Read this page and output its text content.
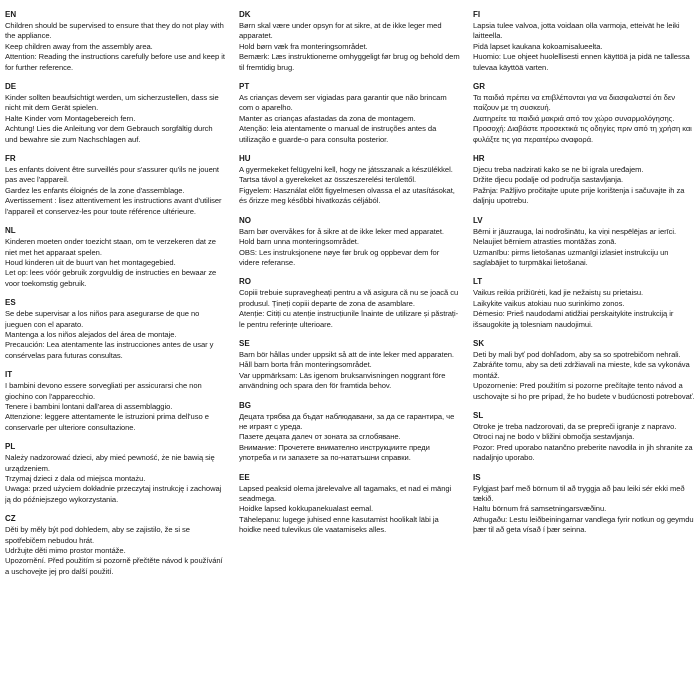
EN

Children should be supervised to ensure that they do not play with the appliance.

Keep children away from the assembly area.

Attention: Reading the instructions carefully before use and keep it for further reference.

DE

Kinder sollten beaufsichtigt werden, um sicherzustellen, dass sie nicht mit dem Gerät spielen.

Halte Kinder vom Montagebereich fern.

Achtung! Lies die Anleitung vor dem Gebrauch sorgfältig durch und bewahre sie zum Nachschlagen auf.

FR

Les enfants doivent être surveillés pour s'assurer qu'ils ne jouent pas avec l'appareil.

Gardez les enfants éloignés de la zone d'assemblage.

Avertissement : lisez attentivement les instructions avant d'utiliser l'appareil et conservez-les pour toute référence ultérieure.

NL

Kinderen moeten onder toezicht staan, om te verzekeren dat ze niet met het apparaat spelen.

Houd kinderen uit de buurt van het montagegebied.

Let op: lees vóór gebruik zorgvuldig de instructies en bewaar ze voor toekomstig gebruik.

ES

Se debe supervisar a los niños para asegurarse de que no jueguen con el aparato.

Mantenga a los niños alejados del área de montaje.

Precaución: Lea atentamente las instrucciones antes de usar y consérvelas para futuras consultas.

IT

I bambini devono essere sorvegliati per assicurarsi che non giochino con l'apparecchio.

Tenere i bambini lontani dall'area di assemblaggio.

Attenzione: leggere attentamente le istruzioni prima dell'uso e conservarle per ulteriore consultazione.

PL

Należy nadzorować dzieci, aby mieć pewność, że nie bawią się urządzeniem.

Trzymaj dzieci z dala od miejsca montażu.

Uwaga: przed użyciem dokładnie przeczytaj instrukcję i zachowaj ją do późniejszego wykorzystania.

CZ

Děti by měly být pod dohledem, aby se zajistilo, že si se spotřebičem nebudou hrát.

Udržujte děti mimo prostor montáže.

Upozornění. Před použitím si pozorně přečtěte návod k používání a uschovejte jej pro další použití.

DK

Børn skal være under opsyn for at sikre, at de ikke leger med apparatet.

Hold børn væk fra monteringsområdet.

Bemærk: Læs instruktionerne omhyggeligt før brug og behold dem til fremtidig brug.

PT

As crianças devem ser vigiadas para garantir que não brincam com o aparelho.

Manter as crianças afastadas da zona de montagem.

Atenção: leia atentamente o manual de instruções antes da utilização e guarde-o para consulta posterior.

HU

A gyermekeket felügyelni kell, hogy ne játsszanak a készülékkel.

Tartsa távol a gyerekeket az összeszerelési területtől.

Figyelem: Használat előtt figyelmesen olvassa el az utasításokat, és őrizze meg későbbi hivatkozás céljából.

NO

Barn bør overvåkes for å sikre at de ikke leker med apparatet.

Hold barn unna monteringsområdet.

OBS: Les instruksjonene nøye før bruk og oppbevar dem for videre referanse.

RO

Copiii trebuie supravegheați pentru a vă asigura că nu se joacă cu produsul. Țineți copiii departe de zona de asamblare.

Atenție: Citiți cu atenție instrucțiunile înainte de utilizare și păstrați-le pentru referințe ulterioare.

SE

Barn bör hållas under uppsikt så att de inte leker med apparaten.

Håll barn borta från monteringsområdet.

Var uppmärksam: Läs igenom bruksanvisningen noggrant före användning och spara den för framtida behov.

BG

Децата трябва да бъдат наблюдавани, за да се гарантира, че не играят с уреда.

Пазете децата далеч от зоната за сглобяване.

Внимание: Прочетете внимателно инструкциите преди употреба и ги запазете за по-нататъшни справки.

EE

Lapsed peaksid olema järelevalve all tagamaks, et nad ei mängi seadmega.

Hoidke lapsed kokkupanekualast eemal.

Tähelepanu: lugege juhised enne kasutamist hoolikalt läbi ja hoidke need tulevikus üle vaatamiseks alles.

FI

Lapsia tulee valvoa, jotta voidaan olla varmoja, etteivät he leiki laitteella.

Pidä lapset kaukana kokoamisalueelta.

Huomio: Lue ohjeet huolellisesti ennen käyttöä ja pidä ne tallessa tulevaa käyttöä varten.

GR

Τα παιδιά πρέπει να επιβλέπονται για να διασφαλιστεί ότι δεν παίζουν με τη συσκευή.

Διατηρείτε τα παιδιά μακριά από τον χώρο συναρμολόγησης.

Προσοχή: Διαβάστε προσεκτικά τις οδηγίες πριν από τη χρήση και φυλάξτε τις για περαιτέρω αναφορά.

HR

Djecu treba nadzirati kako se ne bi igrala uređajem.

Držite djecu podalje od područja sastavljanja.

Pažnja: Pažljivo pročitajte upute prije korištenja i sačuvajte ih za daljnju upotrebu.

LV

Bērni ir jāuzrauga, lai nodrošinātu, ka viņi nespēlējas ar ierīci.

Nelaujiet bērniem atrasties montāžas zonā.

Uzmanību: pirms lietošanas uzmanīgi izlasiet instrukciju un saglabājiet to turpmākai lietošanai.

LT

Vaikus reikia prižiūrėti, kad jie nežaistų su prietaisu.

Laikykite vaikus atokiau nuo surinkimo zonos.

Dėmesio: Prieš naudodami atidžiai perskaitykite instrukciją ir išsaugokite ją tolesniam naudojimui.

SK

Deti by mali byť pod dohľadom, aby sa so spotrebičom nehrali.

Zabráňte tomu, aby sa deti zdržiavali na mieste, kde sa vykonáva montáž.

Upozornenie: Pred použitím si pozorne prečítajte tento návod a uschovajte si ho pre prípad, že ho budete v budúcnosti potrebovať.

SL

Otroke je treba nadzorovati, da se prepreči igranje z napravo.

Otroci naj ne bodo v bližini območja sestavljanja.

Pozor: Pred uporabo natančno preberite navodila in jih shranite za nadaljnjo uporabo.

IS

Fylgjast þarf með börnum til að tryggja að þau leiki sér ekki með tækið.

Haltu börnum frá samsetningarsvæðinu.

Athugaðu: Lestu leiðbeiningarnar vandlega fyrir notkun og geymdu þær til að geta vísað í þær seinna.
